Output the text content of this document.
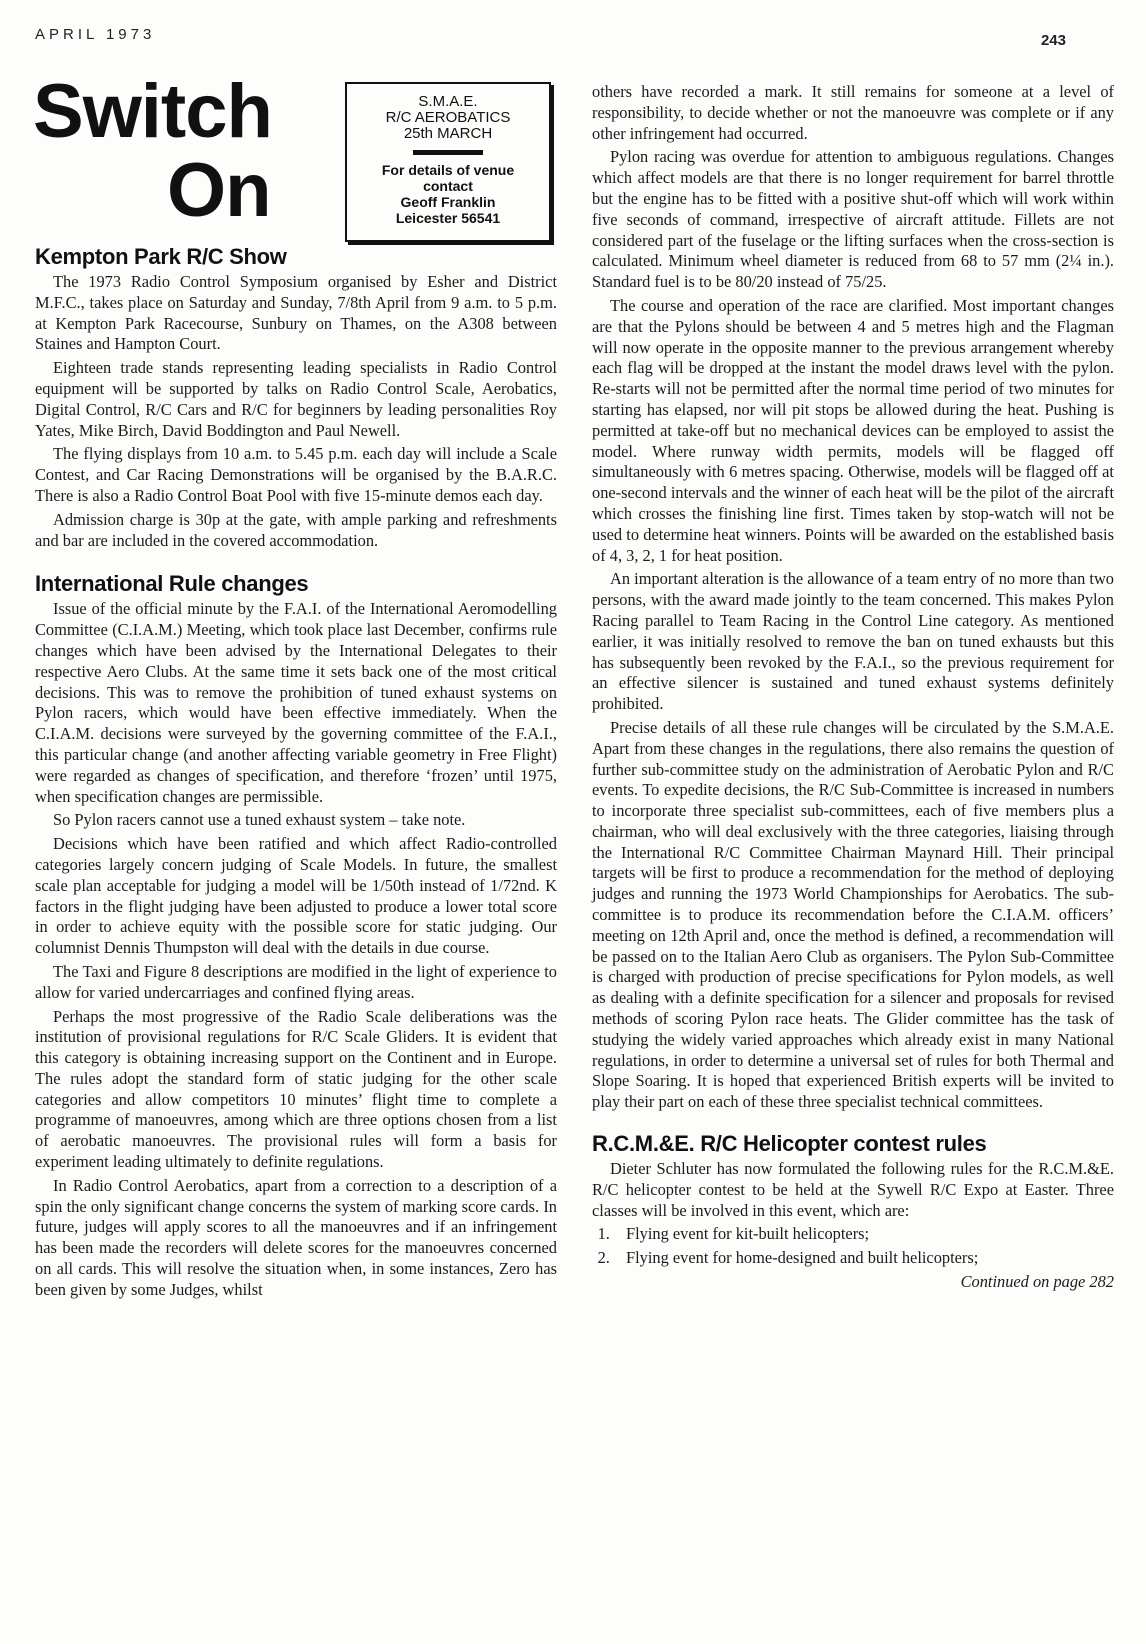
APRIL 1973	243
Switch
On
S.M.A.E.
R/C AEROBATICS
25th MARCH
For details of venue
contact
Geoff Franklin
Leicester 56541
Kempton Park R/C Show

The 1973 Radio Control Symposium organised by Esher and District M.F.C., takes place on Saturday and Sunday, 7/8th April from 9 a.m. to 5 p.m. at Kempton Park Racecourse, Sunbury on Thames, on the A308 between Staines and Hampton Court.

Eighteen trade stands representing leading specialists in Radio Control equipment will be supported by talks on Radio Control Scale, Aerobatics, Digital Control, R/C Cars and R/C for beginners by leading personalities Roy Yates, Mike Birch, David Boddington and Paul Newell.

The flying displays from 10 a.m. to 5.45 p.m. each day will include a Scale Contest, and Car Racing Demonstrations will be organised by the B.A.R.C. There is also a Radio Control Boat Pool with five 15-minute demos each day.

Admission charge is 30p at the gate, with ample parking and refreshments and bar are included in the covered accommodation.

International Rule changes

Issue of the official minute by the F.A.I. of the International Aeromodelling Committee (C.I.A.M.) Meeting, which took place last December, confirms rule changes which have been advised by the International Delegates to their respective Aero Clubs. At the same time it sets back one of the most critical decisions. This was to remove the prohibition of tuned exhaust systems on Pylon racers, which would have been effective immediately. When the C.I.A.M. decisions were surveyed by the governing committee of the F.A.I., this particular change (and another affecting variable geometry in Free Flight) were regarded as changes of specification, and therefore ‘frozen’ until 1975, when specification changes are permissible.

So Pylon racers cannot use a tuned exhaust system – take note.

Decisions which have been ratified and which affect Radio-controlled categories largely concern judging of Scale Models. In future, the smallest scale plan acceptable for judging a model will be 1/50th instead of 1/72nd. K factors in the flight judging have been adjusted to produce a lower total score in order to achieve equity with the possible score for static judging. Our columnist Dennis Thumpston will deal with the details in due course.

The Taxi and Figure 8 descriptions are modified in the light of experience to allow for varied undercarriages and confined flying areas.

Perhaps the most progressive of the Radio Scale deliberations was the institution of provisional regulations for R/C Scale Gliders. It is evident that this category is obtaining increasing support on the Continent and in Europe. The rules adopt the standard form of static judging for the other scale categories and allow competitors 10 minutes’ flight time to complete a programme of manoeuvres, among which are three options chosen from a list of aerobatic manoeuvres. The provisional rules will form a basis for experiment leading ultimately to definite regulations.

In Radio Control Aerobatics, apart from a correction to a description of a spin the only significant change concerns the system of marking score cards. In future, judges will apply scores to all the manoeuvres and if an infringement has been made the recorders will delete scores for the manoeuvres concerned on all cards. This will resolve the situation when, in some instances, Zero has been given by some Judges, whilst

others have recorded a mark. It still remains for someone at a level of responsibility, to decide whether or not the manoeuvre was complete or if any other infringement had occurred.

Pylon racing was overdue for attention to ambiguous regulations. Changes which affect models are that there is no longer requirement for barrel throttle but the engine has to be fitted with a positive shut-off which will work within five seconds of command, irrespective of aircraft attitude. Fillets are not considered part of the fuselage or the lifting surfaces when the cross-section is calculated. Minimum wheel diameter is reduced from 68 to 57 mm (2¼ in.). Standard fuel is to be 80/20 instead of 75/25.

The course and operation of the race are clarified. Most important changes are that the Pylons should be between 4 and 5 metres high and the Flagman will now operate in the opposite manner to the previous arrangement whereby each flag will be dropped at the instant the model draws level with the pylon. Re-starts will not be permitted after the normal time period of two minutes for starting has elapsed, nor will pit stops be allowed during the heat. Pushing is permitted at take-off but no mechanical devices can be employed to assist the model. Where runway width permits, models will be flagged off simultaneously with 6 metres spacing. Otherwise, models will be flagged off at one-second intervals and the winner of each heat will be the pilot of the aircraft which crosses the finishing line first. Times taken by stop-watch will not be used to determine heat winners. Points will be awarded on the established basis of 4, 3, 2, 1 for heat position.

An important alteration is the allowance of a team entry of no more than two persons, with the award made jointly to the team concerned. This makes Pylon Racing parallel to Team Racing in the Control Line category. As mentioned earlier, it was initially resolved to remove the ban on tuned exhausts but this has subsequently been revoked by the F.A.I., so the previous requirement for an effective silencer is sustained and tuned exhaust systems definitely prohibited.

Precise details of all these rule changes will be circulated by the S.M.A.E. Apart from these changes in the regulations, there also remains the question of further sub-committee study on the administration of Aerobatic Pylon and R/C events. To expedite decisions, the R/C Sub-Committee is increased in numbers to incorporate three specialist sub-committees, each of five members plus a chairman, who will deal exclusively with the three categories, liaising through the International R/C Committee Chairman Maynard Hill. Their principal targets will be first to produce a recommendation for the method of deploying judges and running the 1973 World Championships for Aerobatics. The sub-committee is to produce its recommendation before the C.I.A.M. officers’ meeting on 12th April and, once the method is defined, a recommendation will be passed on to the Italian Aero Club as organisers. The Pylon Sub-Committee is charged with production of precise specifications for Pylon models, as well as dealing with a definite specification for a silencer and proposals for revised methods of scoring Pylon race heats. The Glider committee has the task of studying the widely varied approaches which already exist in many National regulations, in order to determine a universal set of rules for both Thermal and Slope Soaring. It is hoped that experienced British experts will be invited to play their part on each of these three specialist technical committees.

R.C.M.&E. R/C Helicopter contest rules

Dieter Schluter has now formulated the following rules for the R.C.M.&E. R/C helicopter contest to be held at the Sywell R/C Expo at Easter. Three classes will be involved in this event, which are:

1. Flying event for kit-built helicopters;
2. Flying event for home-designed and built helicopters;
Continued on page 282
